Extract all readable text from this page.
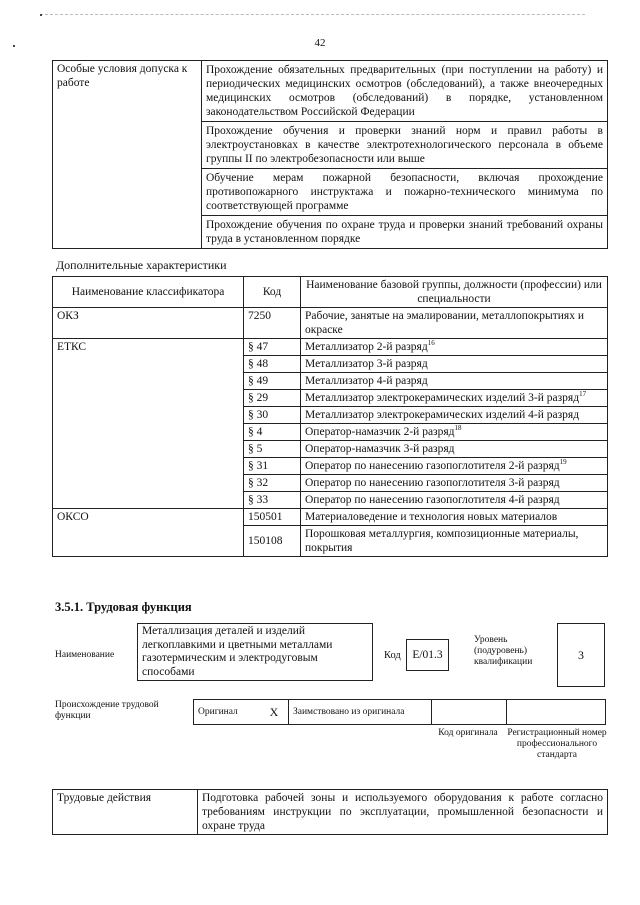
42
Особые условия допуска к работе	Прохождение обязательных предварительных (при поступлении на работу) и периодических медицинских осмотров (обследований), а также внеочередных медицинских осмотров (обследований) в порядке, установленном законодательством Российской Федерации
Прохождение обучения и проверки знаний норм и правил работы в электроустановках в качестве электротехнологического персонала в объеме группы II по электробезопасности или выше
Обучение мерам пожарной безопасности, включая прохождение противопожарного инструктажа и пожарно-технического минимума по соответствующей программе
Прохождение обучения по охране труда и проверки знаний требований охраны труда в установленном порядке
Дополнительные характеристики
Наименование классификатора	Код	Наименование базовой группы, должности (профессии) или специальности
ОКЗ	7250	Рабочие, занятые на эмалировании, металлопокрытиях и окраске
ЕТКС	§ 47	Металлизатор 2-й разряд$^{16}$
	§ 48	Металлизатор 3-й разряд
	§ 49	Металлизатор 4-й разряд
	§ 29	Металлизатор электрокерамических изделий 3-й разряд$^{17}$
	§ 30	Металлизатор электрокерамических изделий 4-й разряд
	§ 4	Оператор-намазчик 2-й разряд$^{18}$
	§ 5	Оператор-намазчик 3-й разряд
	§ 31	Оператор по нанесению газопоглотителя 2-й разряд$^{19}$
	§ 32	Оператор по нанесению газопоглотителя 3-й разряд
	§ 33	Оператор по нанесению газопоглотителя 4-й разряд
ОКСО	150501	Материаловедение и технология новых материалов
	150108	Порошковая металлургия, композиционные материалы, покрытия
3.5.1. Трудовая функция
Наименование
Металлизация деталей и изделий легкоплавкими и цветными металлами газотермическим и электродуговым способами
Код	E/01.3
Уровень (подуровень) квалификации
3
Происхождение трудовой функции	Оригинал	X	Заимствовано из оригинала		
Код оригинала	Регистрационный номер профессионального стандарта
Трудовые действия	Подготовка рабочей зоны и используемого оборудования к работе согласно требованиям инструкции по эксплуатации, промышленной безопасности и охране труда
